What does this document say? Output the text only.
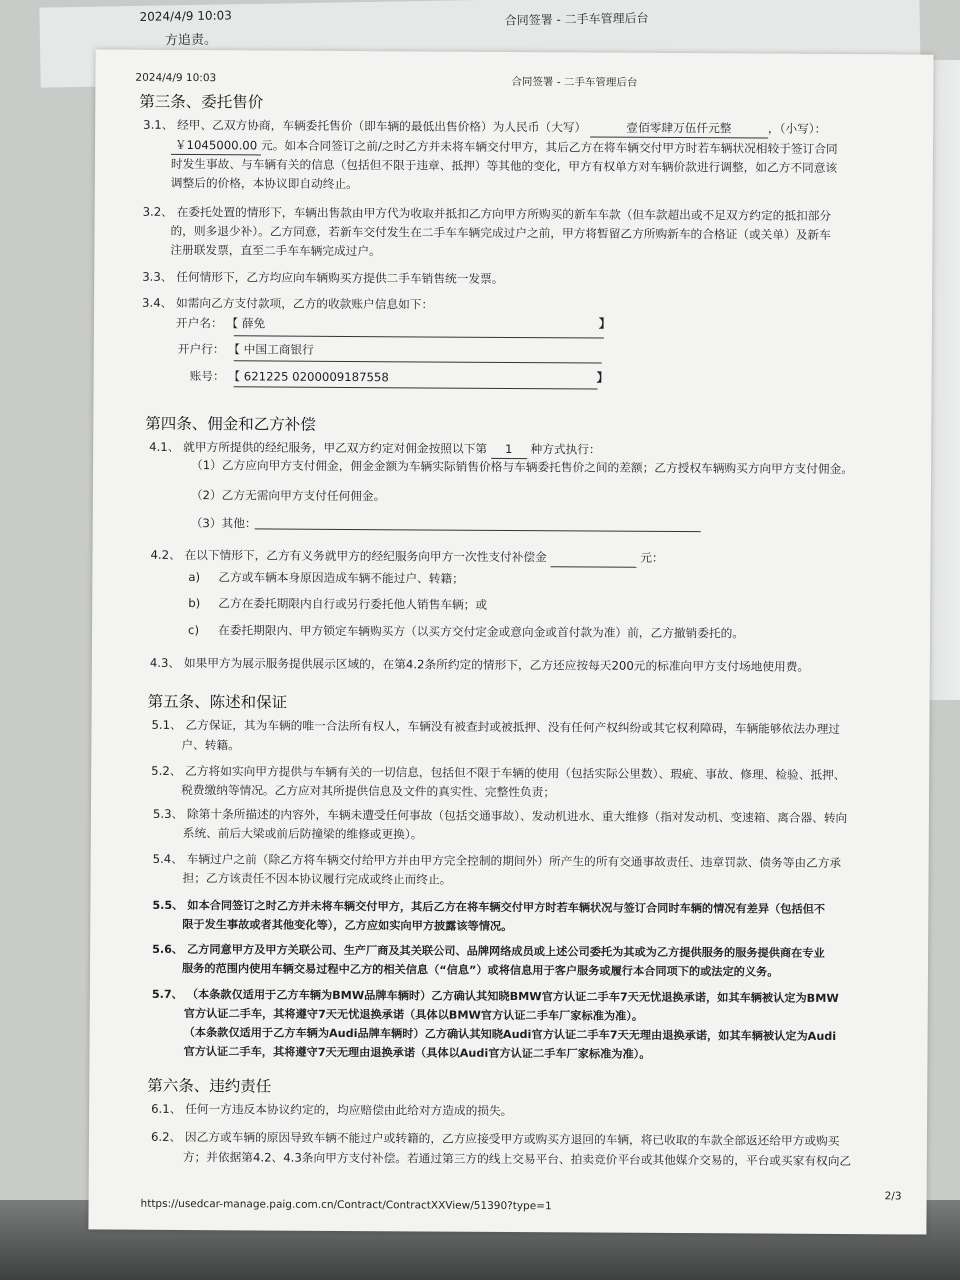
2024/4/9 10:03	合同签署 - 二手车管理后台
方追责。
2024/4/9 10:03	合同签署 - 二手车管理后台
第三条、委托售价
3.1、 经甲、乙双方协商，车辆委托售价（即车辆的最低出售价格）为人民币（大写）	壹佰零肆万伍仟元整	，（小写）：
￥1045000.00 元。如本合同签订之前/之时乙方并未将车辆交付甲方，其后乙方在将车辆交付甲方时若车辆状况相较于签订合同
时发生事故、与车辆有关的信息（包括但不限于违章、抵押）等其他的变化，甲方有权单方对车辆价款进行调整，如乙方不同意该
调整后的价格，本协议即自动终止。
3.2、 在委托处置的情形下，车辆出售款由甲方代为收取并抵扣乙方向甲方所购买的新车车款（但车款超出或不足双方约定的抵扣部分
的，则多退少补）。乙方同意，若新车交付发生在二手车车辆完成过户之前，甲方将暂留乙方所购新车的合格证（或关单）及新车
注册联发票，直至二手车车辆完成过户。
3.3、 任何情形下，乙方均应向车辆购买方提供二手车销售统一发票。
3.4、 如需向乙方支付款项，乙方的收款账户信息如下：
开户名： 【 薛免	】
开户行： 【 中国工商银行
账号： 【 621225 0200009187558	】
第四条、佣金和乙方补偿
4.1、 就甲方所提供的经纪服务，甲乙双方约定对佣金按照以下第 1 种方式执行：
（1）乙方应向甲方支付佣金，佣金金额为车辆实际销售价格与车辆委托售价之间的差额；乙方授权车辆购买方向甲方支付佣金。
（2）乙方无需向甲方支付任何佣金。
（3）其他：
4.2、 在以下情形下，乙方有义务就甲方的经纪服务向甲方一次性支付补偿金	元：
a) 乙方或车辆本身原因造成车辆不能过户、转籍；
b) 乙方在委托期限内自行或另行委托他人销售车辆；或
c) 在委托期限内、甲方锁定车辆购买方（以买方交付定金或意向金或首付款为准）前，乙方撤销委托的。
4.3、 如果甲方为展示服务提供展示区域的，在第4.2条所约定的情形下，乙方还应按每天200元的标准向甲方支付场地使用费。
第五条、陈述和保证
5.1、 乙方保证，其为车辆的唯一合法所有权人，车辆没有被查封或被抵押、没有任何产权纠纷或其它权利障碍，车辆能够依法办理过
户、转籍。
5.2、 乙方将如实向甲方提供与车辆有关的一切信息，包括但不限于车辆的使用（包括实际公里数）、瑕疵、事故、修理、检验、抵押、
税费缴纳等情况。乙方应对其所提供信息及文件的真实性、完整性负责；
5.3、 除第十条所描述的内容外，车辆未遭受任何事故（包括交通事故）、发动机进水、重大维修（指对发动机、变速箱、离合器、转向
系统、前后大梁或前后防撞梁的维修或更换）。
5.4、 车辆过户之前（除乙方将车辆交付给甲方并由甲方完全控制的期间外）所产生的所有交通事故责任、违章罚款、债务等由乙方承
担；乙方该责任不因本协议履行完成或终止而终止。
5.5、 如本合同签订之时乙方并未将车辆交付甲方，其后乙方在将车辆交付甲方时若车辆状况与签订合同时车辆的情况有差异（包括但不
限于发生事故或者其他变化等），乙方应如实向甲方披露该等情况。
5.6、 乙方同意甲方及甲方关联公司、生产厂商及其关联公司、品牌网络成员或上述公司委托为其或为乙方提供服务的服务提供商在专业
服务的范围内使用车辆交易过程中乙方的相关信息（“信息”）或将信息用于客户服务或履行本合同项下的或法定的义务。
5.7、 （本条款仅适用于乙方车辆为BMW品牌车辆时）乙方确认其知晓BMW官方认证二手车7天无忧退换承诺，如其车辆被认定为BMW
官方认证二手车，其将遵守7天无忧退换承诺（具体以BMW官方认证二手车厂家标准为准）。
（本条款仅适用于乙方车辆为Audi品牌车辆时）乙方确认其知晓Audi官方认证二手车7天无理由退换承诺，如其车辆被认定为Audi
官方认证二手车，其将遵守7天无理由退换承诺（具体以Audi官方认证二手车厂家标准为准）。
第六条、违约责任
6.1、 任何一方违反本协议约定的，均应赔偿由此给对方造成的损失。
6.2、 因乙方或车辆的原因导致车辆不能过户或转籍的，乙方应接受甲方或购买方退回的车辆，将已收取的车款全部返还给甲方或购买
方；并依据第4.2、4.3条向甲方支付补偿。若通过第三方的线上交易平台、拍卖竞价平台或其他媒介交易的，平台或买家有权向乙
https://usedcar-manage.paig.com.cn/Contract/ContractXXView/51390?type=1
2/3
